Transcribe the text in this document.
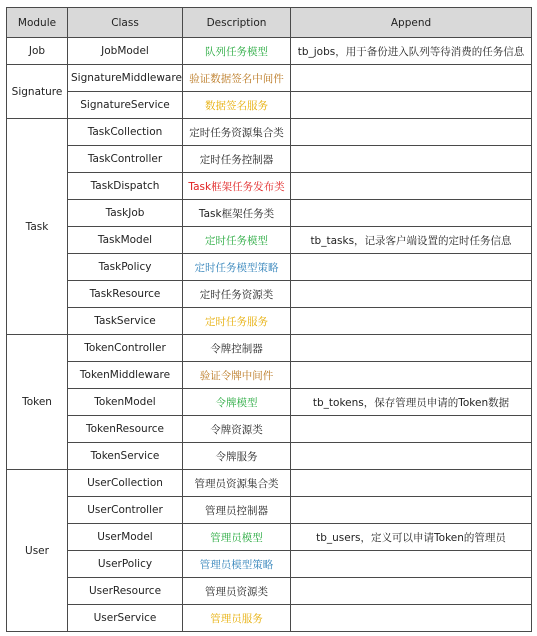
Module	Class	Description	Append
Job	JobModel	队列任务模型	tb_jobs，用于备份进入队列等待消费的任务信息
Signature	SignatureMiddleware	验证数据签名中间件	
	SignatureService	数据签名服务	
Task	TaskCollection	定时任务资源集合类	
	TaskController	定时任务控制器	
	TaskDispatch	Task框架任务发布类	
	TaskJob	Task框架任务类	
	TaskModel	定时任务模型	tb_tasks，记录客户端设置的定时任务信息
	TaskPolicy	定时任务模型策略	
	TaskResource	定时任务资源类	
	TaskService	定时任务服务	
Token	TokenController	令牌控制器	
	TokenMiddleware	验证令牌中间件	
	TokenModel	令牌模型	tb_tokens，保存管理员申请的Token数据
	TokenResource	令牌资源类	
	TokenService	令牌服务	
User	UserCollection	管理员资源集合类	
	UserController	管理员控制器	
	UserModel	管理员模型	tb_users，定义可以申请Token的管理员
	UserPolicy	管理员模型策略	
	UserResource	管理员资源类	
	UserService	管理员服务	
